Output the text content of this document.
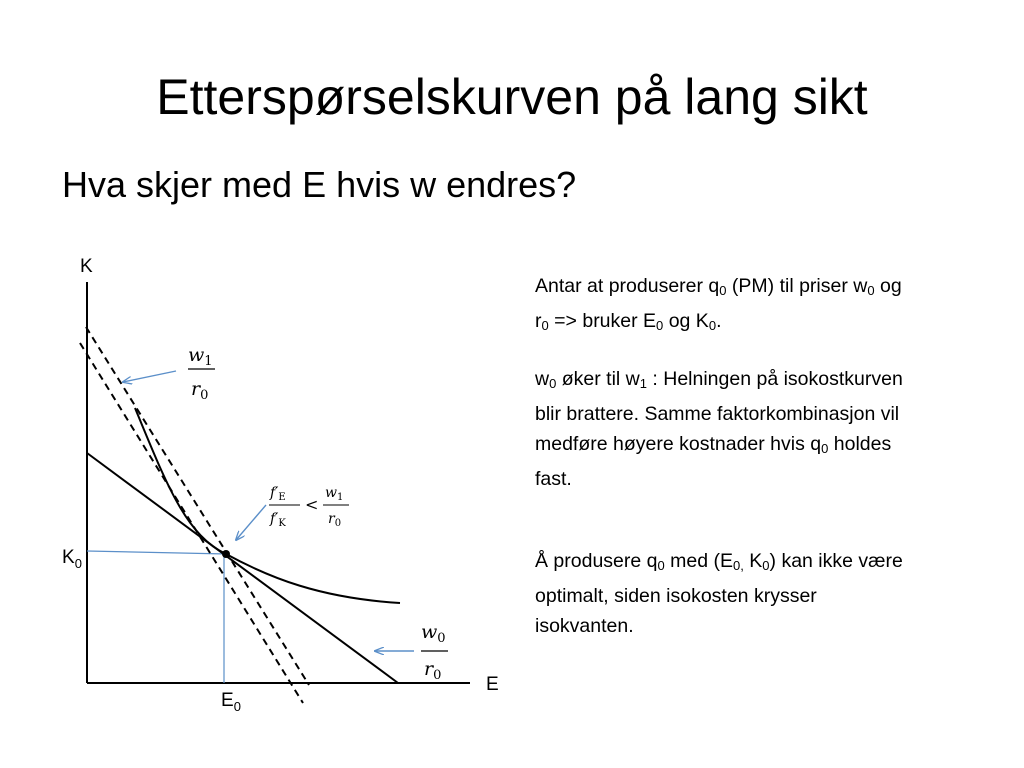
Etterspørselskurven på lang sikt
Hva skjer med E hvis w endres?
K
E
$K_0$
$E_0$
$w_1$
$r_0$
$w_0$
$r_0$
$f'_E$
$f'_K$
<
$w_1$
$r_0$

Antar at produserer $q_0$ (PM) til priser $w_0$ og $r_0$ => bruker $E_0$ og $K_0$.

$w_0$ øker til $w_1$ : Helningen på isokostkurven blir brattere. Samme faktorkombinasjon vil medføre høyere kostnader hvis $q_0$ holdes fast.

Å produsere $q_0$ med ($E_{0,}$ $K_0$) kan ikke være optimalt, siden isokosten krysser isokvanten.
